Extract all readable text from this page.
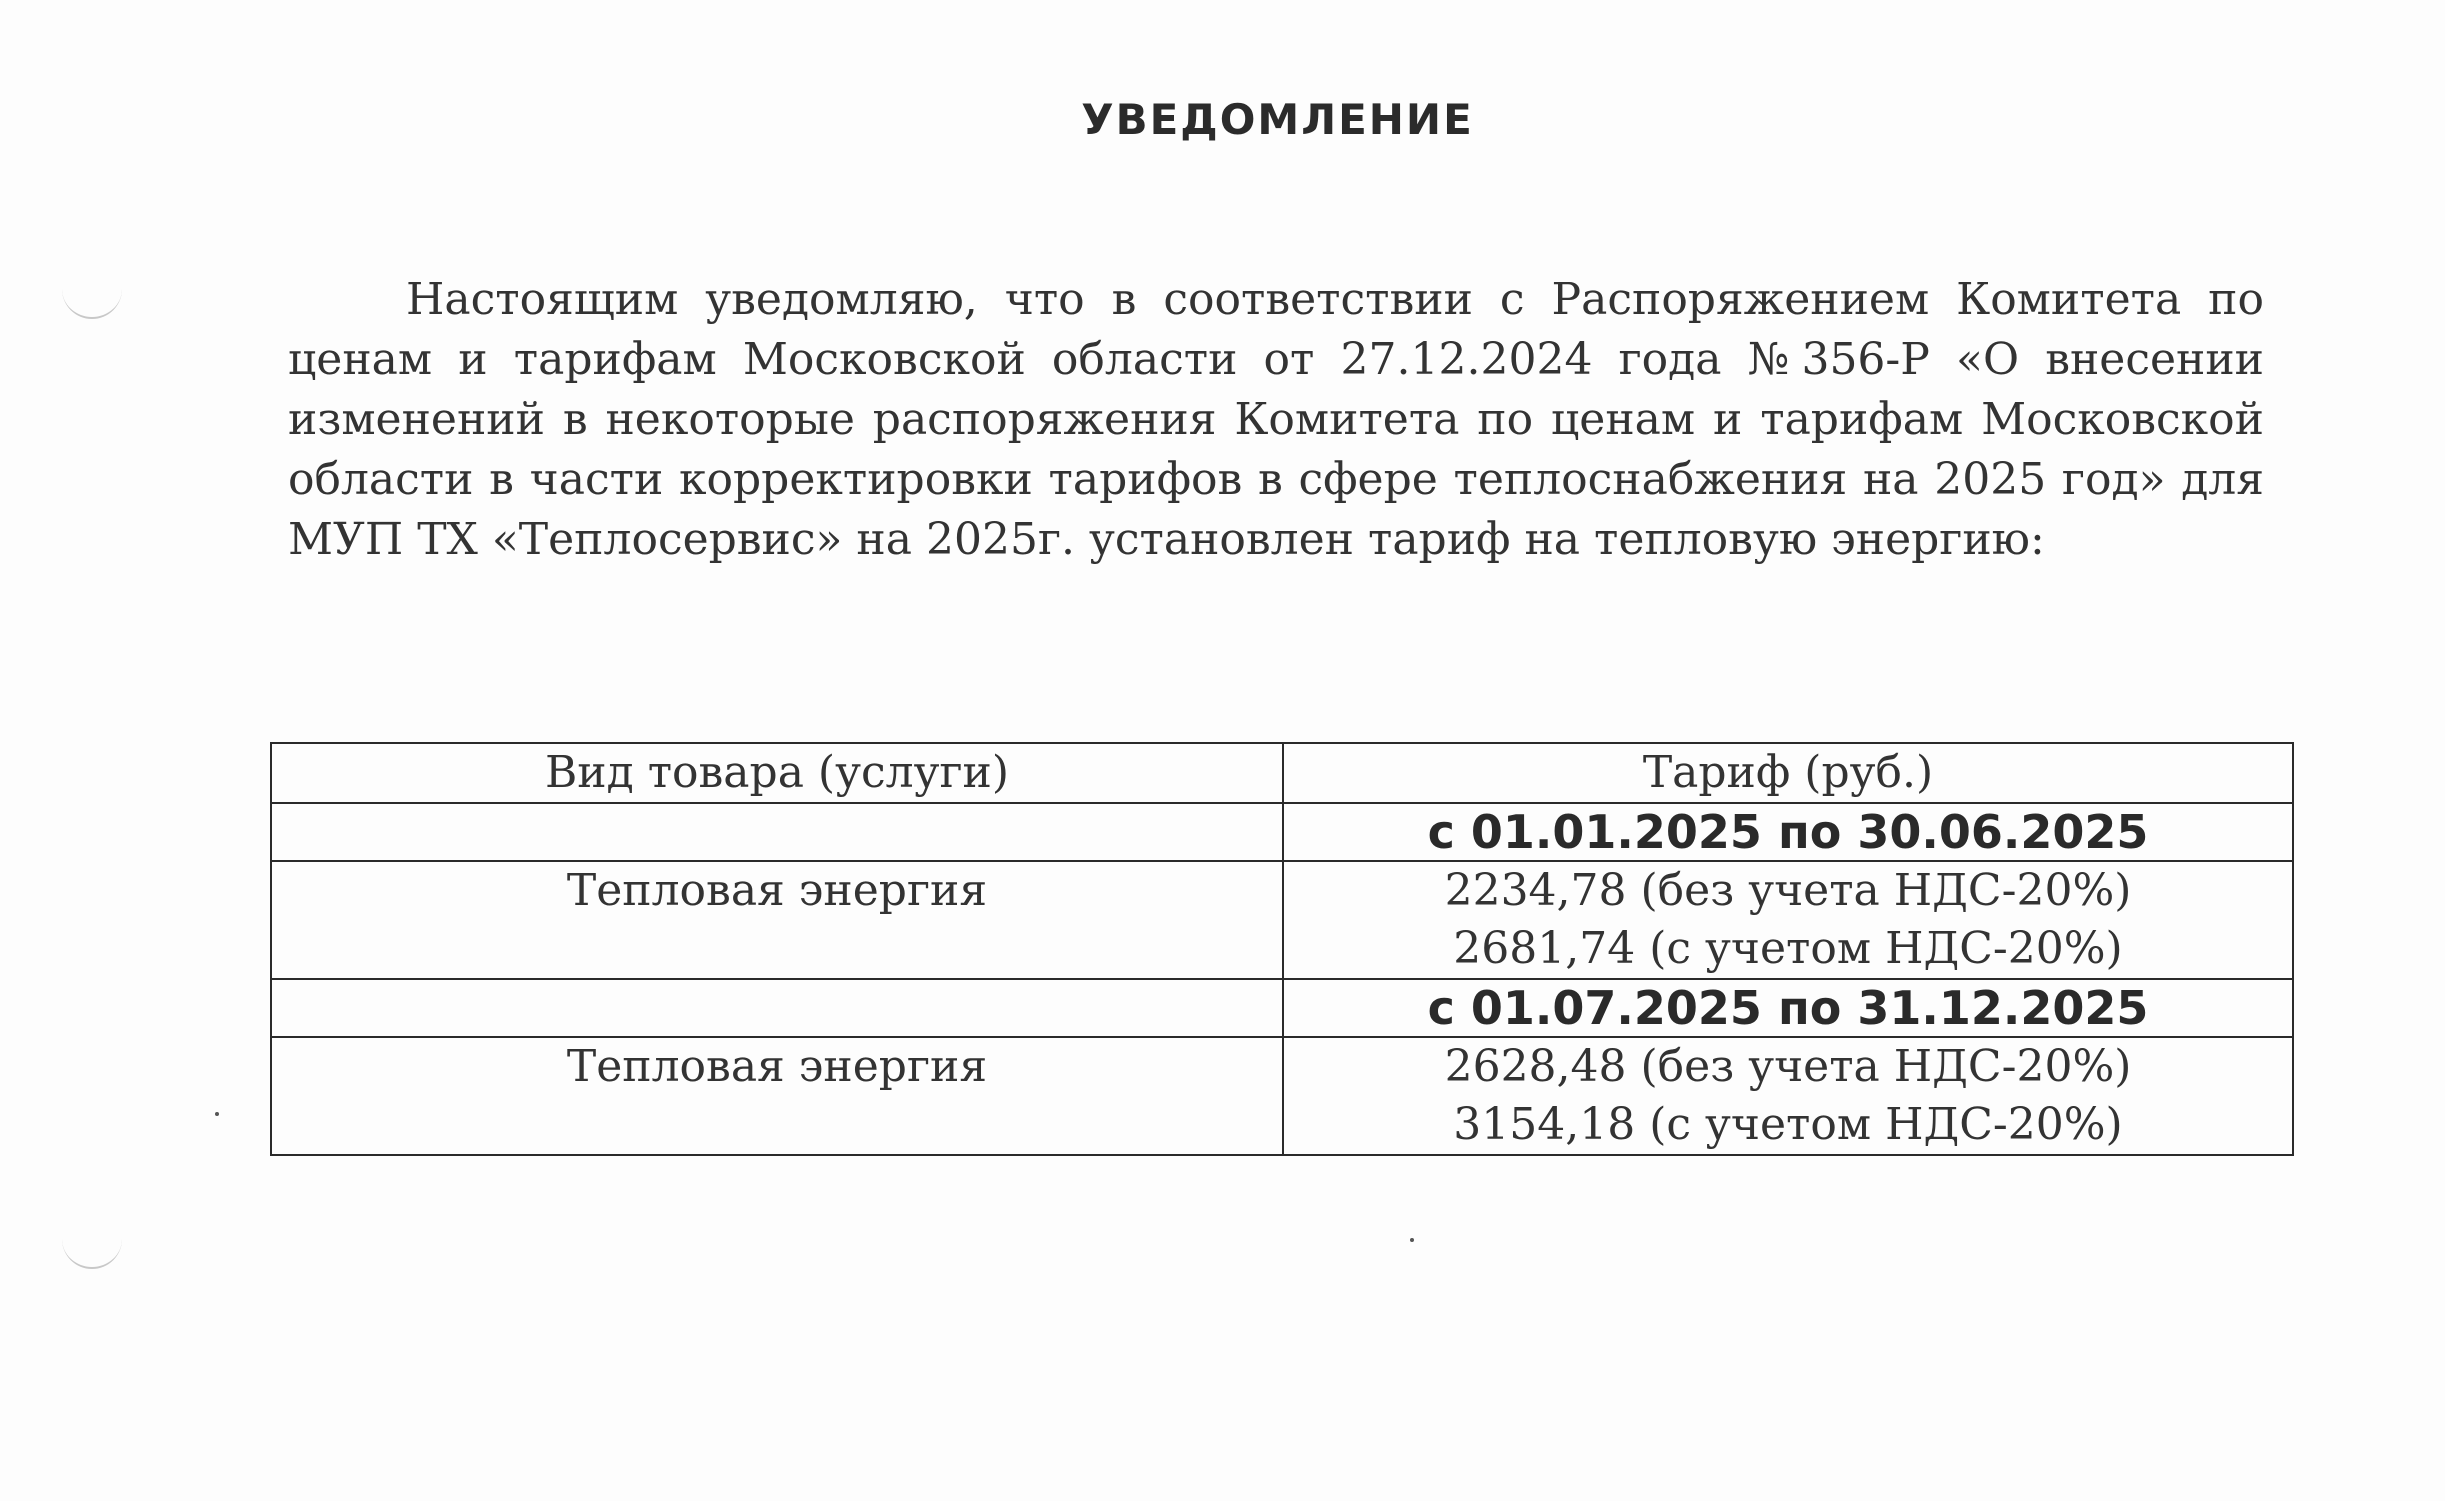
УВЕДОМЛЕНИЕ

Настоящим уведомляю, что в соответствии с Распоряжением Комитета по ценам и тарифам Московской области от 27.12.2024 года №356-Р «О внесении изменений в некоторые распоряжения Комитета по ценам и тарифам Московской области в части корректировки тарифов в сфере теплоснабжения на 2025 год» для МУП ТХ «Теплосервис» на 2025г. установлен тариф на тепловую энергию:

Вид товара (услуги)	Тариф (руб.)
	с 01.01.2025 по 30.06.2025
Тепловая энергия	2234,78 (без учета НДС-20%)
2681,74 (с учетом НДС-20%)

	с 01.07.2025 по 31.12.2025
Тепловая энергия	2628,48 (без учета НДС-20%)
3154,18 (с учетом НДС-20%)
